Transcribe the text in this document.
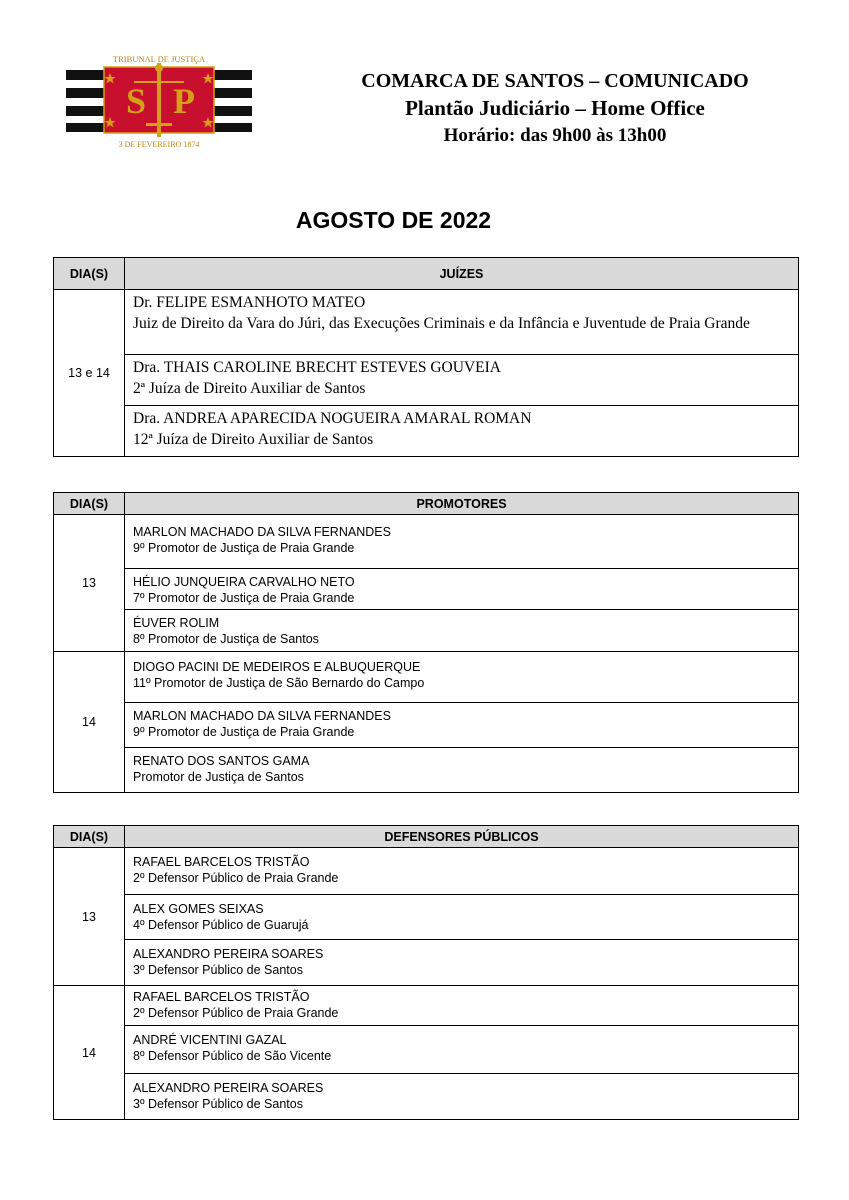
S P
TRIBUNAL DE JUSTIÇA
3 DE FEVEREIRO 1874
COMARCA DE SANTOS – COMUNICADO
Plantão Judiciário – Home Office
Horário: das 9h00 às 13h00
AGOSTO DE 2022
DIA(S)	JUÍZES
13 e 14	Dr. FELIPE ESMANHOTO MATEO
Juiz de Direito da Vara do Júri, das Execuções Criminais e da Infância e Juventude de Praia Grande

	Dra. THAIS CAROLINE BRECHT ESTEVES GOUVEIA
2ª Juíza de Direito Auxiliar de Santos

	Dra. ANDREA APARECIDA NOGUEIRA AMARAL ROMAN
12ª Juíza de Direito Auxiliar de Santos
DIA(S)	PROMOTORES
13	MARLON MACHADO DA SILVA FERNANDES
9º Promotor de Justiça de Praia Grande

	HÉLIO JUNQUEIRA CARVALHO NETO
7º Promotor de Justiça de Praia Grande

	ÉUVER ROLIM
8º Promotor de Justiça de Santos

14	DIOGO PACINI DE MEDEIROS E ALBUQUERQUE
11º Promotor de Justiça de São Bernardo do Campo

	MARLON MACHADO DA SILVA FERNANDES
9º Promotor de Justiça de Praia Grande

	RENATO DOS SANTOS GAMA
Promotor de Justiça de Santos
DIA(S)	DEFENSORES PÚBLICOS
13	RAFAEL BARCELOS TRISTÃO
2º Defensor Público de Praia Grande

	ALEX GOMES SEIXAS
4º Defensor Público de Guarujá

	ALEXANDRO PEREIRA SOARES
3º Defensor Público de Santos

14	RAFAEL BARCELOS TRISTÃO
2º Defensor Público de Praia Grande

	ANDRÉ VICENTINI GAZAL
8º Defensor Público de São Vicente

	ALEXANDRO PEREIRA SOARES
3º Defensor Público de Santos
